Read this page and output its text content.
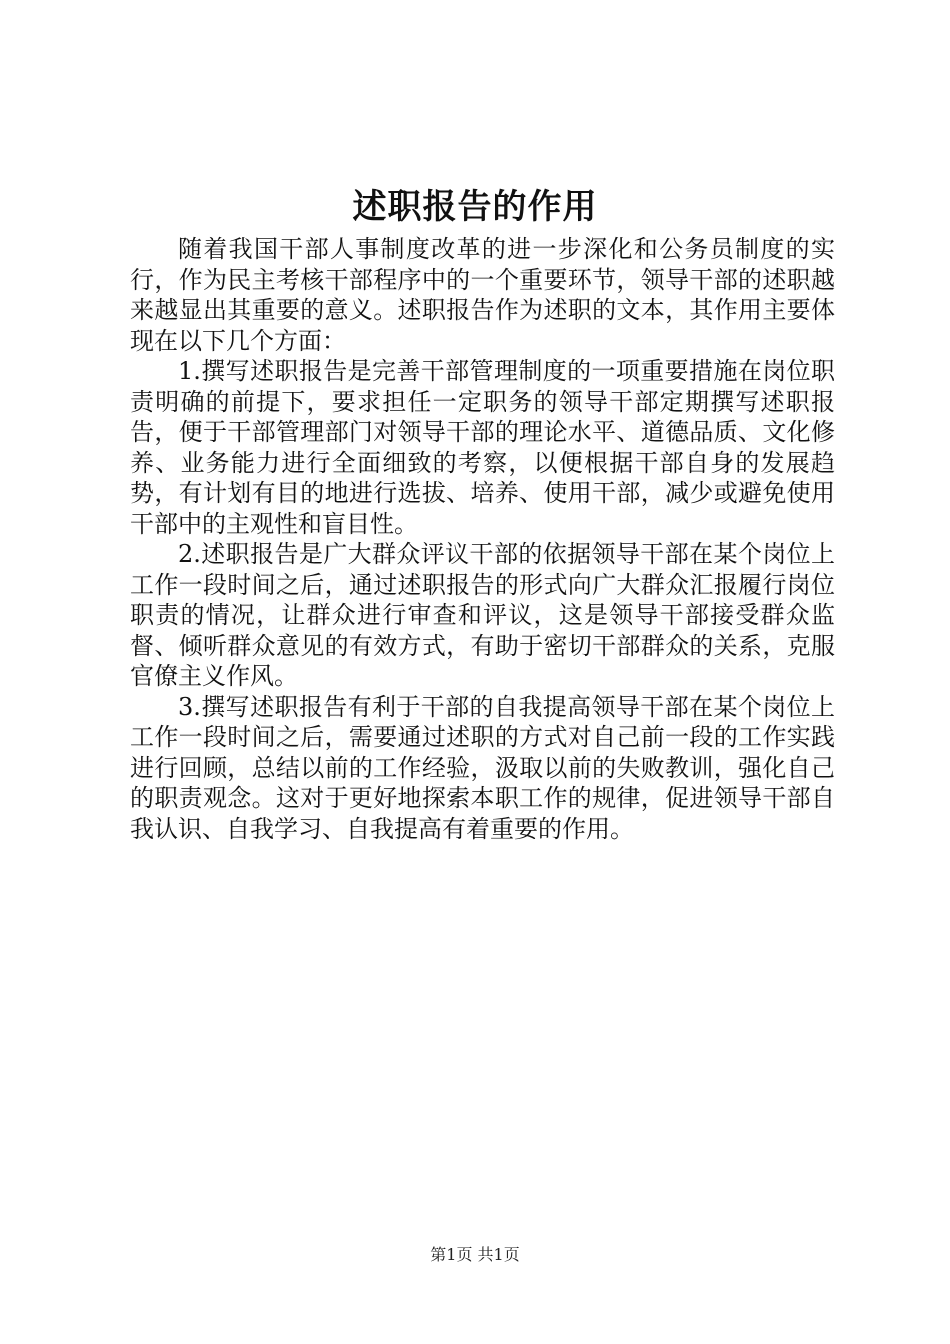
述职报告的作用

随着我国干部人事制度改革的进一步深化和公务员制度的实行，作为民主考核干部程序中的一个重要环节，领导干部的述职越来越显出其重要的意义。述职报告作为述职的文本，其作用主要体现在以下几个方面：

1.撰写述职报告是完善干部管理制度的一项重要措施在岗位职责明确的前提下，要求担任一定职务的领导干部定期撰写述职报告，便于干部管理部门对领导干部的理论水平、道德品质、文化修养、业务能力进行全面细致的考察，以便根据干部自身的发展趋势，有计划有目的地进行选拔、培养、使用干部，减少或避免使用干部中的主观性和盲目性。

2.述职报告是广大群众评议干部的依据领导干部在某个岗位上工作一段时间之后，通过述职报告的形式向广大群众汇报履行岗位职责的情况，让群众进行审查和评议，这是领导干部接受群众监督、倾听群众意见的有效方式，有助于密切干部群众的关系，克服官僚主义作风。

3.撰写述职报告有利于干部的自我提高领导干部在某个岗位上工作一段时间之后，需要通过述职的方式对自己前一段的工作实践进行回顾，总结以前的工作经验，汲取以前的失败教训，强化自己的职责观念。这对于更好地探索本职工作的规律，促进领导干部自我认识、自我学习、自我提高有着重要的作用。

第1页 共1页
